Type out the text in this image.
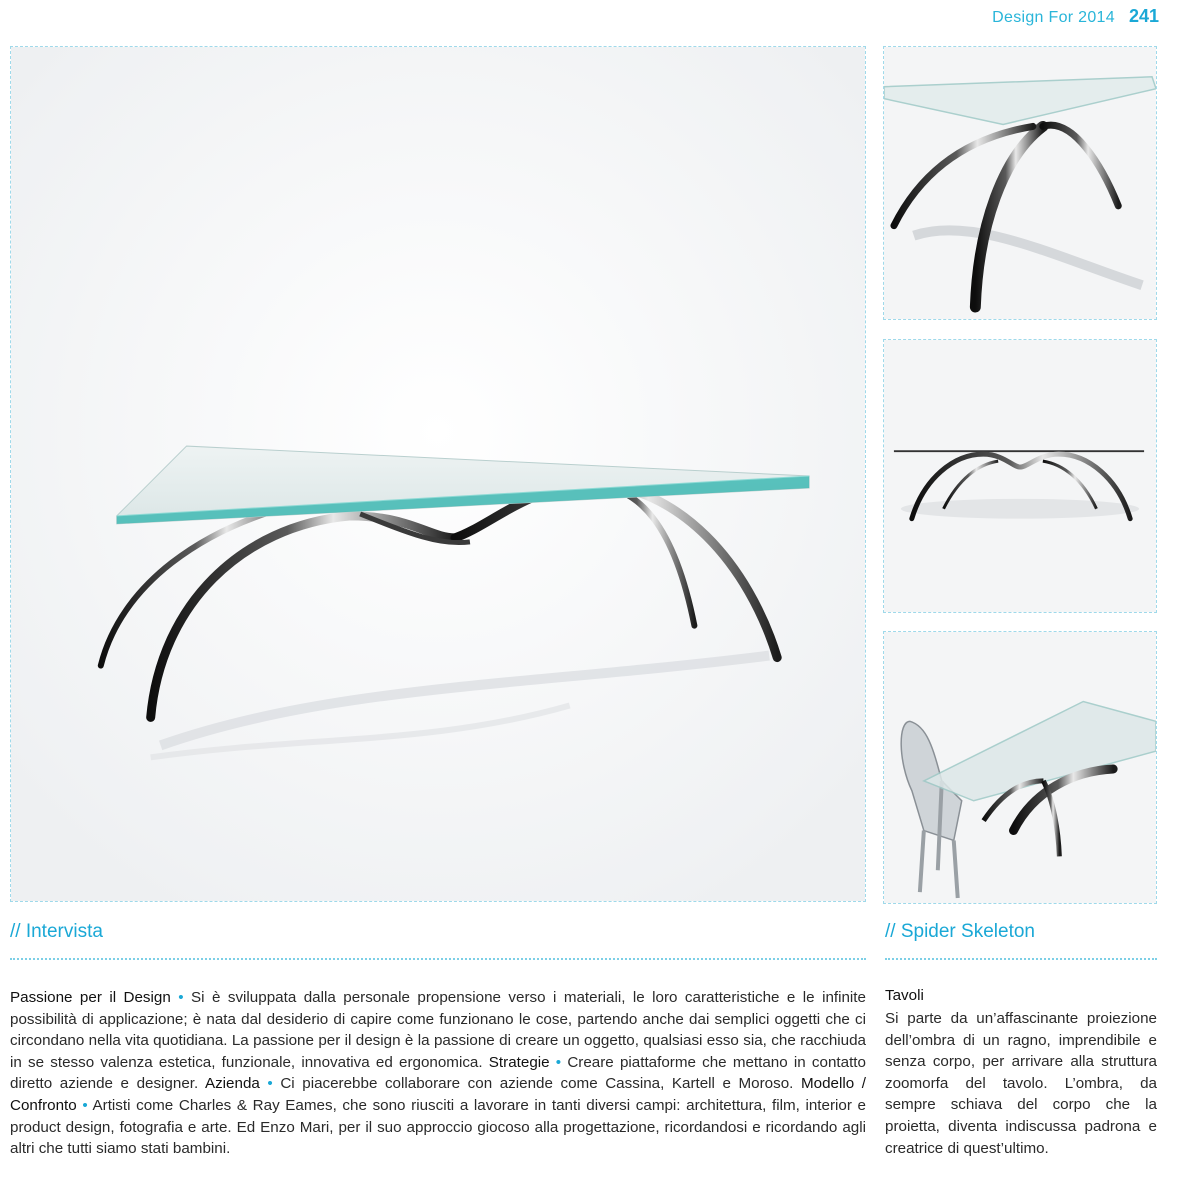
Design For 2014 241
// Intervista	// Spider Skeleton
Passione per il Design • Si è sviluppata dalla personale propensione verso i materiali, le loro caratteristiche e le infinite possibilità di applicazione; è nata dal desiderio di capire come funzionano le cose, partendo anche dai semplici oggetti che ci circondano nella vita quotidiana. La passione per il design è la passione di creare un oggetto, qualsiasi esso sia, che racchiuda in se stesso valenza estetica, funzionale, innovativa ed ergonomica. Strategie • Creare piattaforme che mettano in contatto diretto aziende e designer. Azienda • Ci piacerebbe collaborare con aziende come Cassina, Kartell e Moroso. Modello / Confronto • Artisti come Charles & Ray Eames, che sono riusciti a lavorare in tanti diversi campi: architettura, film, interior e product design, fotografia e arte. Ed Enzo Mari, per il suo approccio giocoso alla progettazione, ricordandosi e ricordando agli altri che tutti siamo stati bambini.
Tavoli
Si parte da un’affascinante proiezione dell’ombra di un ragno, imprendibile e senza corpo, per arrivare alla struttura zoomorfa del tavolo. L’ombra, da sempre schiava del corpo che la proietta, diventa indiscussa padrona e creatrice di quest’ultimo.
